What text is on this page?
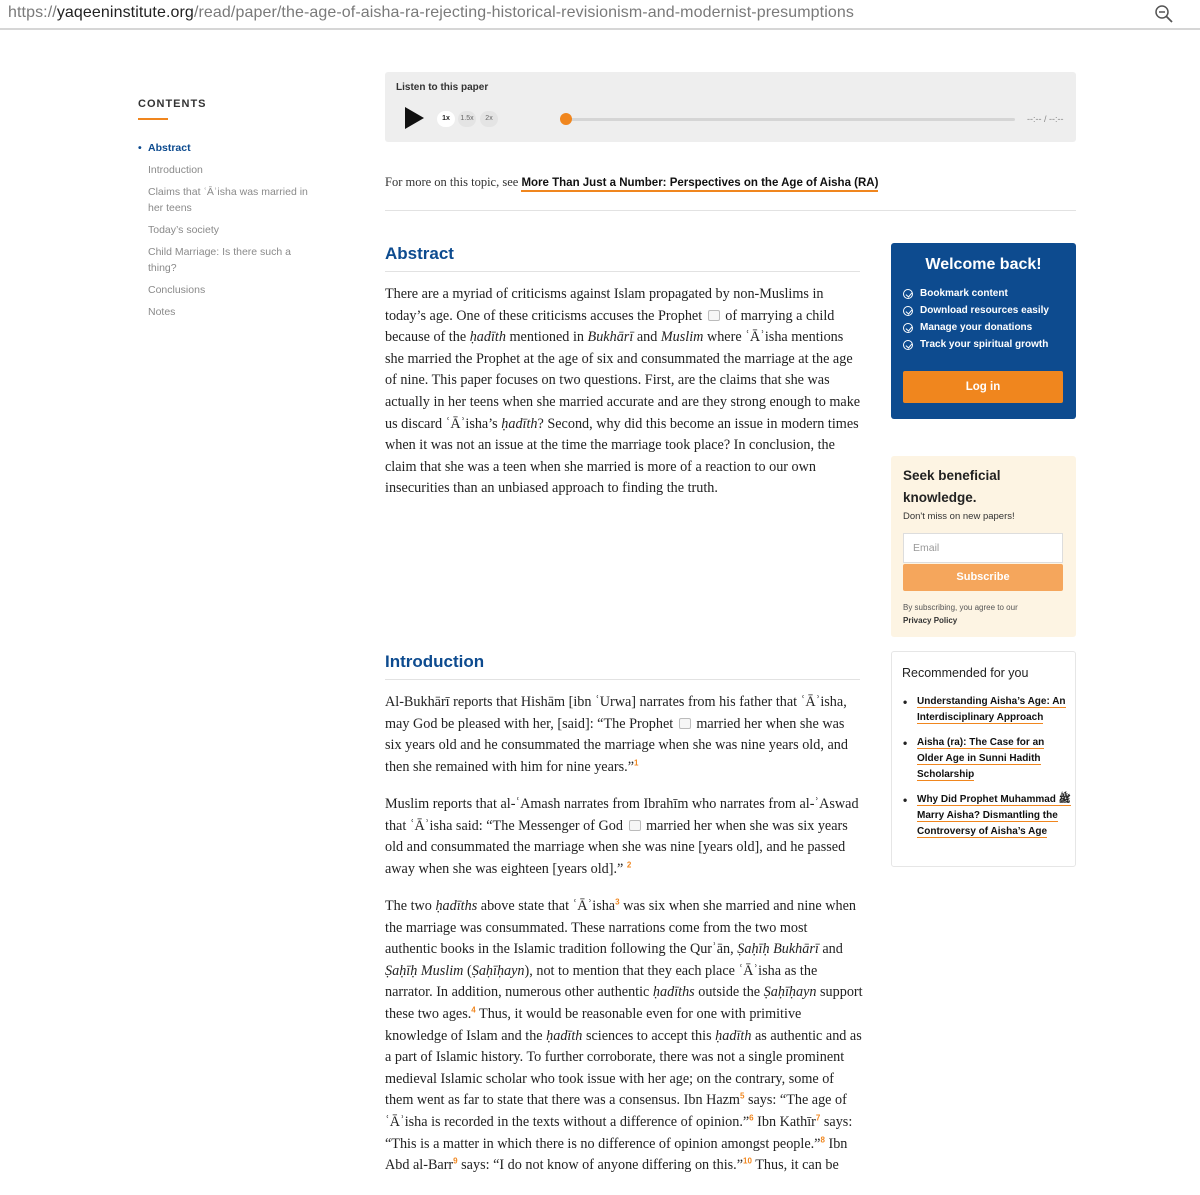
https://yaqeeninstitute.org/read/paper/the-age-of-aisha-ra-rejecting-historical-revisionism-and-modernist-presumptions
CONTENTS
• Abstract
Introduction
Claims that ʿĀʾisha was married in her teens
Today’s society
Child Marriage: Is there such a thing?
Conclusions
Notes
Listen to this paper
1x	1.5x	2x	--:-- / --:--
For more on this topic, see More Than Just a Number: Perspectives on the Age of Aisha (RA)
Abstract

There are a myriad of criticisms against Islam propagated by non-Muslims in today’s age. One of these criticisms accuses the Prophet of marrying a child because of the ḥadīth mentioned in Bukhārī and Muslim where ʿĀʾisha mentions she married the Prophet at the age of six and consummated the marriage at the age of nine. This paper focuses on two questions. First, are the claims that she was actually in her teens when she married accurate and are they strong enough to make us discard ʿĀʾisha’s ḥadīth? Second, why did this become an issue in modern times when it was not an issue at the time the marriage took place? In conclusion, the claim that she was a teen when she married is more of a reaction to our own insecurities than an unbiased approach to finding the truth.

Introduction

Al-Bukhārī reports that Hishām [ibn ʿUrwa] narrates from his father that ʿĀʾisha, may God be pleased with her, [said]: “The Prophet married her when she was six years old and he consummated the marriage when she was nine years old, and then she remained with him for nine years.”$^1$

Muslim reports that al-ʿAmash narrates from Ibrahīm who narrates from al-ʾAswad that ʿĀʾisha said: “The Messenger of God married her when she was six years old and consummated the marriage when she was nine [years old], and he passed away when she was eighteen [years old].” $^2$

The two ḥadīths above state that ʿĀʾisha$^3$ was six when she married and nine when the marriage was consummated. These narrations come from the two most authentic books in the Islamic tradition following the Qurʾān, Ṣaḥīḥ Bukhārī and Ṣaḥīḥ Muslim (Ṣaḥīḥayn), not to mention that they each place ʿĀʾisha as the narrator. In addition, numerous other authentic ḥadīths outside the Ṣaḥīḥayn support these two ages.$^4$ Thus, it would be reasonable even for one with primitive knowledge of Islam and the ḥadīth sciences to accept this ḥadīth as authentic and as a part of Islamic history. To further corroborate, there was not a single prominent medieval Islamic scholar who took issue with her age; on the contrary, some of them went as far to state that there was a consensus. Ibn Hazm$^5$ says: “The age of ʿĀʾisha is recorded in the texts without a difference of opinion.”$^6$ Ibn Kathīr$^7$ says: “This is a matter in which there is no difference of opinion amongst people.”$^8$ Ibn Abd al-Barr$^9$ says: “I do not know of anyone differing on this.”$^{10}$ Thus, it can be

Welcome back!
Bookmark content
Download resources easily
Manage your donations
Track your spiritual growth
Log in
Seek beneficial knowledge.
Don't miss on new papers!
Email
Subscribe
By subscribing, you agree to our
Privacy Policy
Recommended for you
• Understanding Aisha’s Age: An Interdisciplinary Approach
• Aisha (ra): The Case for an Older Age in Sunni Hadith Scholarship
• Why Did Prophet Muhammad ﷺ Marry Aisha? Dismantling the Controversy of Aisha’s Age
